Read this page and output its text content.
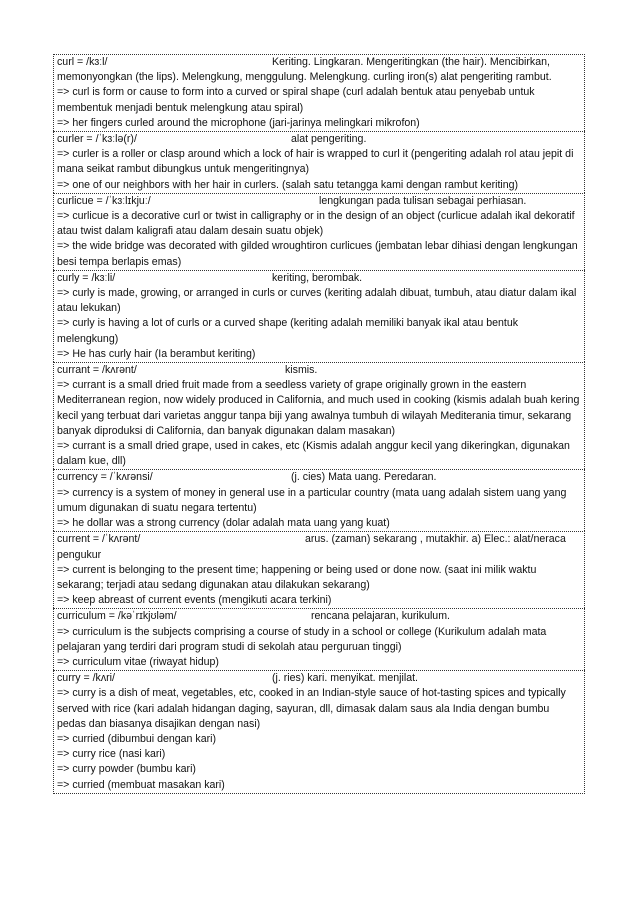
curl = /kɜːl/	Keriting. Lingkaran. Mengeritingkan (the hair). Mencibirkan,
memonyongkan (the lips). Melengkung, menggulung. Melengkung. curling iron(s) alat pengeriting rambut.
=> curl is form or cause to form into a curved or spiral shape (curl adalah bentuk atau penyebab untuk membentuk menjadi bentuk melengkung atau spiral)
=> her fingers curled around the microphone (jari-jarinya melingkari mikrofon)
curler = /ˈkɜːlə(r)/	alat pengeriting.
=> curler is a roller or clasp around which a lock of hair is wrapped to curl it (pengeriting adalah rol atau jepit di mana seikat rambut dibungkus untuk mengeritingnya)
=> one of our neighbors with her hair in curlers. (salah satu tetangga kami dengan rambut keriting)
curlicue = /ˈkɜːlɪkjuː/	lengkungan pada tulisan sebagai perhiasan.
=> curlicue is a decorative curl or twist in calligraphy or in the design of an object (curlicue adalah ikal dekoratif atau twist dalam kaligrafi atau dalam desain suatu objek)
=> the wide bridge was decorated with gilded wroughtiron curlicues (jembatan lebar dihiasi dengan lengkungan besi tempa berlapis emas)
curly = /kɜːli/	keriting, berombak.
=> curly is made, growing, or arranged in curls or curves (keriting adalah dibuat, tumbuh, atau diatur dalam ikal atau lekukan)
=> curly is having a lot of curls or a curved shape (keriting adalah memiliki banyak ikal atau bentuk melengkung)
=> He has curly hair (Ia berambut keriting)
currant = /kʌrənt/	kismis.
=> currant is a small dried fruit made from a seedless variety of grape originally grown in the eastern Mediterranean region, now widely produced in California, and much used in cooking (kismis adalah buah kering kecil yang terbuat dari varietas anggur tanpa biji yang awalnya tumbuh di wilayah Mediterania timur, sekarang banyak diproduksi di California, dan banyak digunakan dalam masakan)
=> currant is a small dried grape, used in cakes, etc (Kismis adalah anggur kecil yang dikeringkan, digunakan dalam kue, dll)
currency = /ˈkʌrənsi/	(j. cies) Mata uang. Peredaran.
=> currency is a system of money in general use in a particular country (mata uang adalah sistem uang yang umum digunakan di suatu negara tertentu)
=> he dollar was a strong currency (dolar adalah mata uang yang kuat)
current = /ˈkʌrənt/	arus. (zaman) sekarang , mutakhir. a) Elec.: alat/neraca
pengukur
=> current is belonging to the present time; happening or being used or done now. (saat ini milik waktu sekarang; terjadi atau sedang digunakan atau dilakukan sekarang)
=> keep abreast of current events (mengikuti acara terkini)
curriculum = /kəˈrɪkjʊləm/	rencana pelajaran, kurikulum.
=> curriculum is the subjects comprising a course of study in a school or college (Kurikulum adalah mata pelajaran yang terdiri dari program studi di sekolah atau perguruan tinggi)
=> curriculum vitae (riwayat hidup)
curry = /kʌri/	(j. ries) kari. menyikat. menjilat.
=> curry is a dish of meat, vegetables, etc, cooked in an Indian-style sauce of hot-tasting spices and typically served with rice (kari adalah hidangan daging, sayuran, dll, dimasak dalam saus ala India dengan bumbu pedas dan biasanya disajikan dengan nasi)
=> curried (dibumbui dengan kari)
=> curry rice (nasi kari)
=> curry powder (bumbu kari)
=> curried (membuat masakan kari)
